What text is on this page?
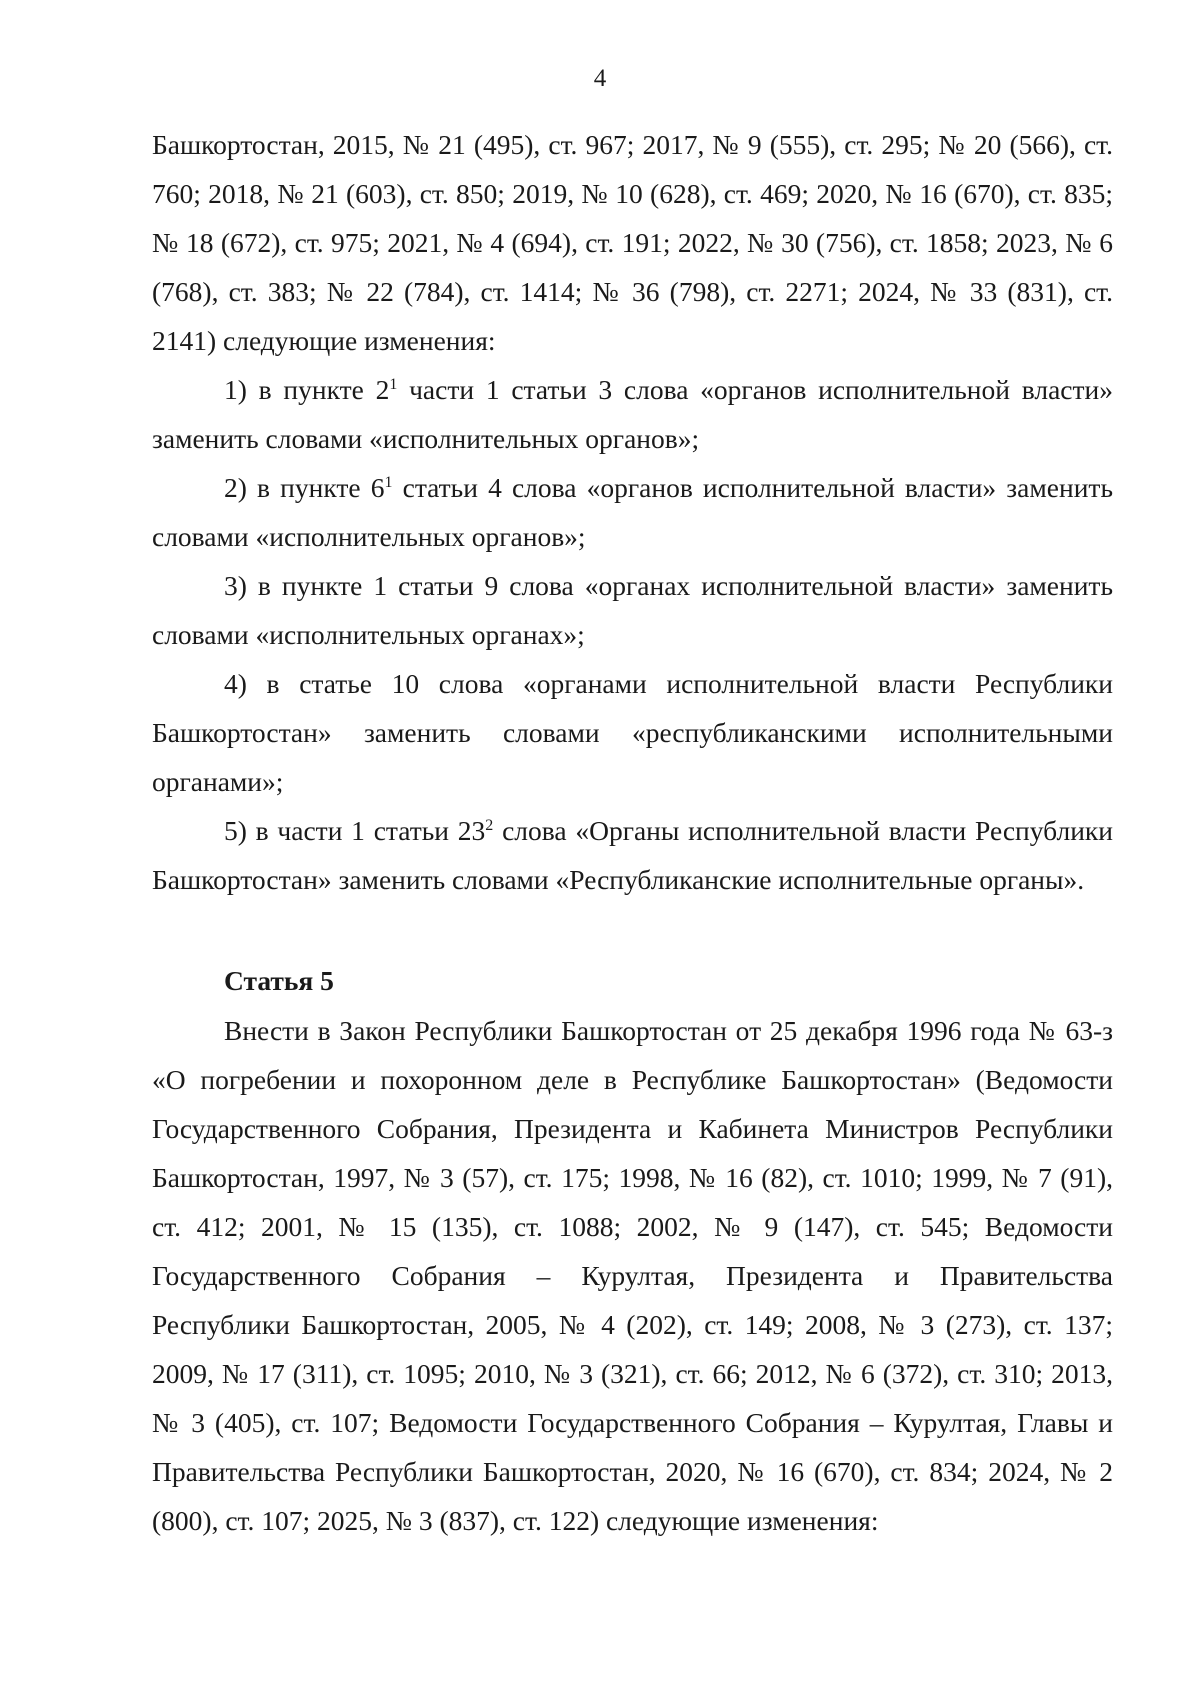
4

Башкортостан, 2015, № 21 (495), ст. 967; 2017, № 9 (555), ст. 295; № 20 (566), ст. 760; 2018, № 21 (603), ст. 850; 2019, № 10 (628), ст. 469; 2020, № 16 (670), ст. 835; № 18 (672), ст. 975; 2021, № 4 (694), ст. 191; 2022, № 30 (756), ст. 1858; 2023, № 6 (768), ст. 383; № 22 (784), ст. 1414; № 36 (798), ст. 2271; 2024, № 33 (831), ст. 2141) следующие изменения:

1) в пункте $2^1$ части 1 статьи 3 слова «органов исполнительной власти» заменить словами «исполнительных органов»;

2) в пункте $6^1$ статьи 4 слова «органов исполнительной власти» заменить словами «исполнительных органов»;

3) в пункте 1 статьи 9 слова «органах исполнительной власти» заменить словами «исполнительных органах»;

4) в статье 10 слова «органами исполнительной власти Республики Башкортостан» заменить словами «республиканскими исполнительными органами»;

5) в части 1 статьи $23^2$ слова «Органы исполнительной власти Республики Башкортостан» заменить словами «Республиканские исполнительные органы».

Статья 5

Внести в Закон Республики Башкортостан от 25 декабря 1996 года № 63-з «О погребении и похоронном деле в Республике Башкортостан» (Ведомости Государственного Собрания, Президента и Кабинета Министров Республики Башкортостан, 1997, № 3 (57), ст. 175; 1998, № 16 (82), ст. 1010; 1999, № 7 (91), ст. 412; 2001, № 15 (135), ст. 1088; 2002, № 9 (147), ст. 545; Ведомости Государственного Собрания – Курултая, Президента и Правительства Республики Башкортостан, 2005, № 4 (202), ст. 149; 2008, № 3 (273), ст. 137; 2009, № 17 (311), ст. 1095; 2010, № 3 (321), ст. 66; 2012, № 6 (372), ст. 310; 2013, № 3 (405), ст. 107; Ведомости Государственного Собрания – Курултая, Главы и Правительства Республики Башкортостан, 2020, № 16 (670), ст. 834; 2024, № 2 (800), ст. 107; 2025, № 3 (837), ст. 122) следующие изменения:
